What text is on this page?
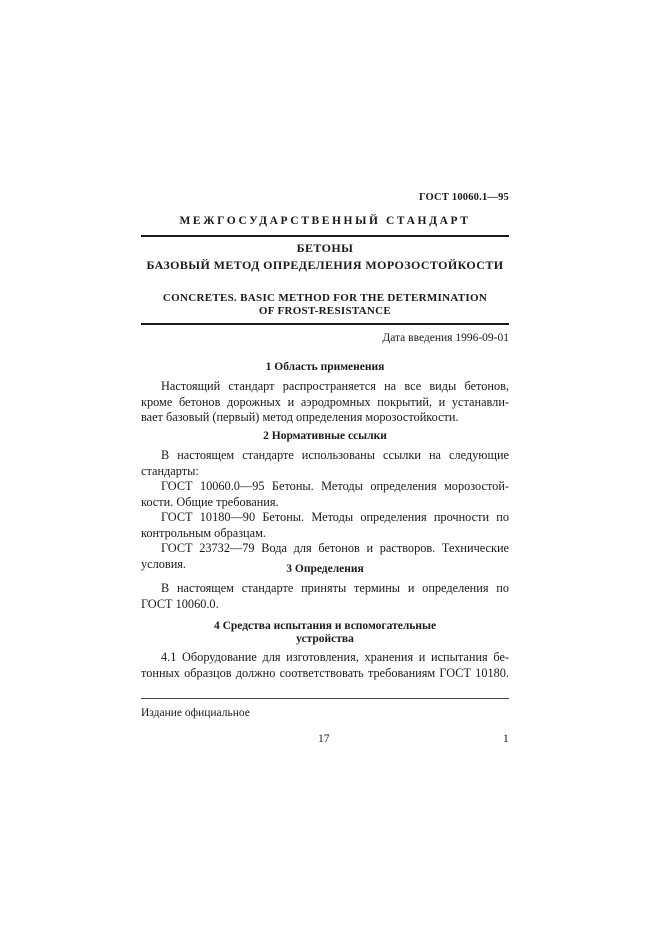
ГОСТ 10060.1—95
МЕЖГОСУДАРСТВЕННЫЙ СТАНДАРТ
БЕТОНЫ
БАЗОВЫЙ МЕТОД ОПРЕДЕЛЕНИЯ МОРОЗОСТОЙКОСТИ
CONCRETES. BASIC METHOD FOR THE DETERMINATION
OF FROST-RESISTANCE
Дата введения 1996-09-01
1 Область применения
Настоящий стандарт распространяется на все виды бетонов,
кроме бетонов дорожных и аэродромных покрытий, и устанавли-
вает базовый (первый) метод определения морозостойкости.
2 Нормативные ссылки
В настоящем стандарте использованы ссылки на следующие
стандарты:
ГОСТ 10060.0—95 Бетоны. Методы определения морозостой-
кости. Общие требования.
ГОСТ 10180—90 Бетоны. Методы определения прочности по
контрольным образцам.
ГОСТ 23732—79 Вода для бетонов и растворов. Технические
условия.	3 Определения
В настоящем стандарте приняты термины и определения по
ГОСТ 10060.0.
4 Средства испытания и вспомогательные
устройства
4.1 Оборудование для изготовления, хранения и испытания бе-
тонных образцов должно соответствовать требованиям ГОСТ 10180.
Издание официальное
17	1
